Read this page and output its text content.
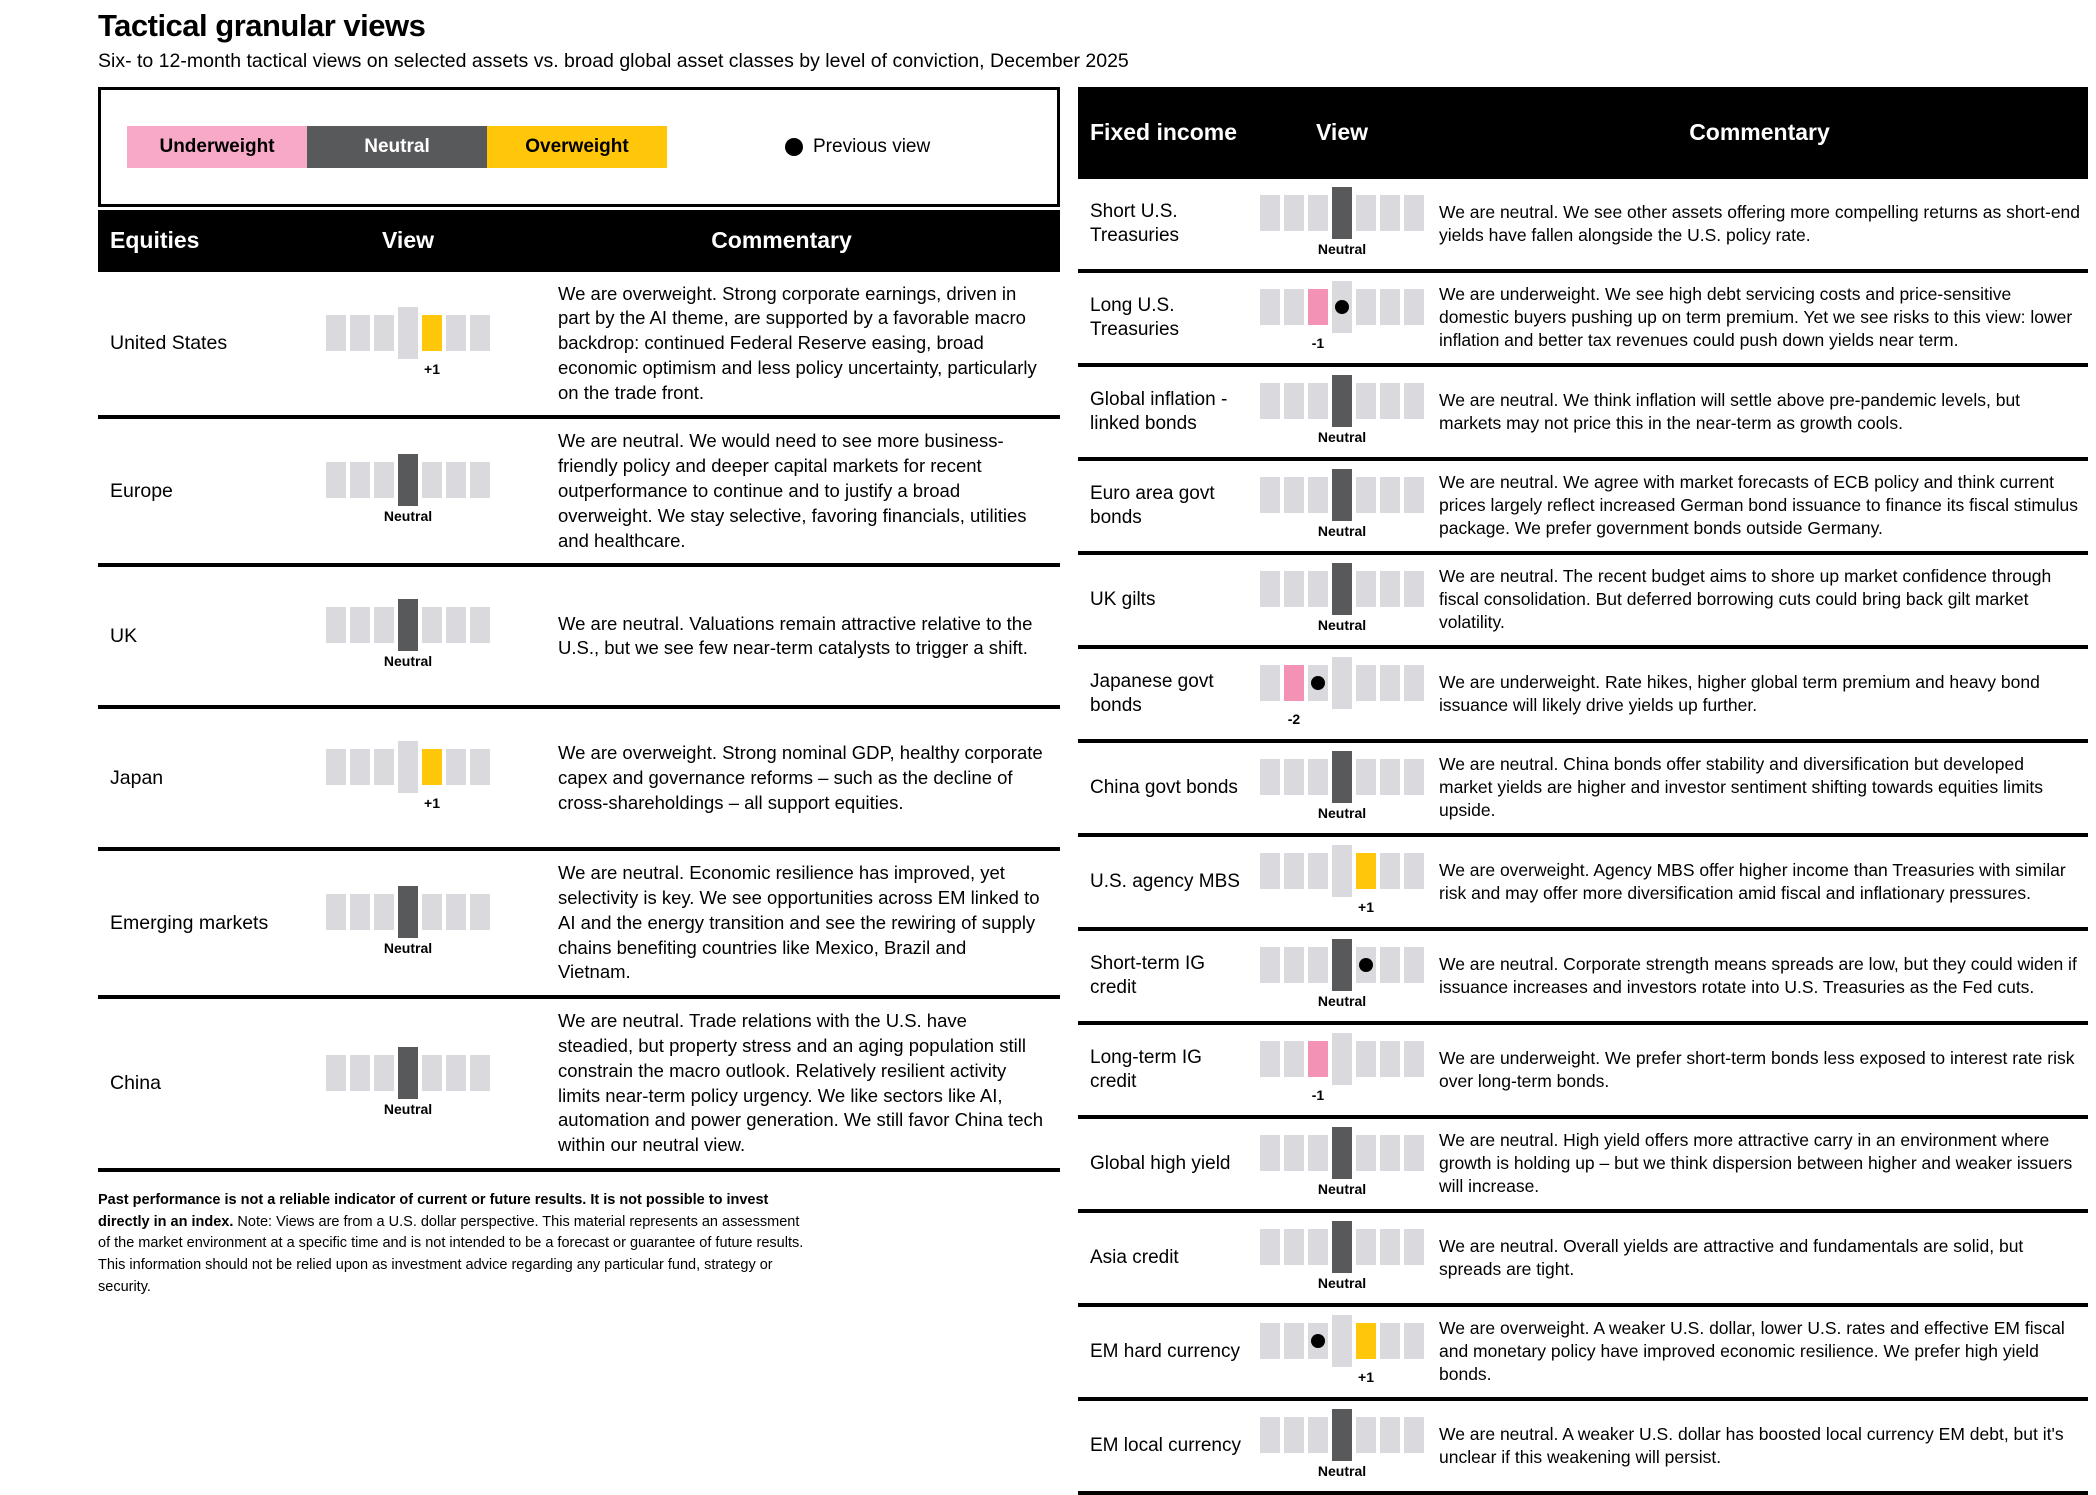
Tactical granular views
Six- to 12-month tactical views on selected assets vs. broad global asset classes by level of conviction, December 2025
Underweight	Neutral	Overweight	Previous view
Equities	View	Commentary
United States
+1
We are overweight. Strong corporate earnings, driven in part by the AI theme, are supported by a favorable macro backdrop: continued Federal Reserve easing, broad economic optimism and less policy uncertainty, particularly on the trade front.
Europe
Neutral
We are neutral. We would need to see more business-friendly policy and deeper capital markets for recent outperformance to continue and to justify a broad overweight. We stay selective, favoring financials, utilities and healthcare.
UK
Neutral
We are neutral. Valuations remain attractive relative to the U.S., but we see few near-term catalysts to trigger a shift.
Japan
+1
We are overweight. Strong nominal GDP, healthy corporate capex and governance reforms – such as the decline of cross-shareholdings – all support equities.
Emerging markets
Neutral
We are neutral. Economic resilience has improved, yet selectivity is key. We see opportunities across EM linked to AI and the energy transition and see the rewiring of supply chains benefiting countries like Mexico, Brazil and Vietnam.
China
Neutral
We are neutral. Trade relations with the U.S. have steadied, but property stress and an aging population still constrain the macro outlook. Relatively resilient activity limits near-term policy urgency. We like sectors like AI, automation and power generation. We still favor China tech within our neutral view.
Past performance is not a reliable indicator of current or future results. It is not possible to invest directly in an index. Note: Views are from a U.S. dollar perspective. This material represents an assessment of the market environment at a specific time and is not intended to be a forecast or guarantee of future results. This information should not be relied upon as investment advice regarding any particular fund, strategy or security.
Fixed income	View	Commentary
Short U.S. Treasuries
Neutral
We are neutral. We see other assets offering more compelling returns as short-end yields have fallen alongside the U.S. policy rate.
Long U.S. Treasuries
-1
We are underweight. We see high debt servicing costs and price-sensitive domestic buyers pushing up on term premium. Yet we see risks to this view: lower inflation and better tax revenues could push down yields near term.
Global inflation - linked bonds
Neutral
We are neutral. We think inflation will settle above pre-pandemic levels, but markets may not price this in the near-term as growth cools.
Euro area govt bonds
Neutral
We are neutral. We agree with market forecasts of ECB policy and think current prices largely reflect increased German bond issuance to finance its fiscal stimulus package. We prefer government bonds outside Germany.
UK gilts
Neutral
We are neutral. The recent budget aims to shore up market confidence through fiscal consolidation. But deferred borrowing cuts could bring back gilt market volatility.
Japanese govt bonds
-2
We are underweight. Rate hikes, higher global term premium and heavy bond issuance will likely drive yields up further.
China govt bonds
Neutral
We are neutral. China bonds offer stability and diversification but developed market yields are higher and investor sentiment shifting towards equities limits upside.
U.S. agency MBS
+1
We are overweight. Agency MBS offer higher income than Treasuries with similar risk and may offer more diversification amid fiscal and inflationary pressures.
Short-term IG credit
Neutral
We are neutral. Corporate strength means spreads are low, but they could widen if issuance increases and investors rotate into U.S. Treasuries as the Fed cuts.
Long-term IG credit
-1
We are underweight. We prefer short-term bonds less exposed to interest rate risk over long-term bonds.
Global high yield
Neutral
We are neutral. High yield offers more attractive carry in an environment where growth is holding up – but we think dispersion between higher and weaker issuers will increase.
Asia credit
Neutral
We are neutral. Overall yields are attractive and fundamentals are solid, but spreads are tight.
EM hard currency
+1
We are overweight. A weaker U.S. dollar, lower U.S. rates and effective EM fiscal and monetary policy have improved economic resilience. We prefer high yield bonds.
EM local currency
Neutral
We are neutral. A weaker U.S. dollar has boosted local currency EM debt, but it's unclear if this weakening will persist.
